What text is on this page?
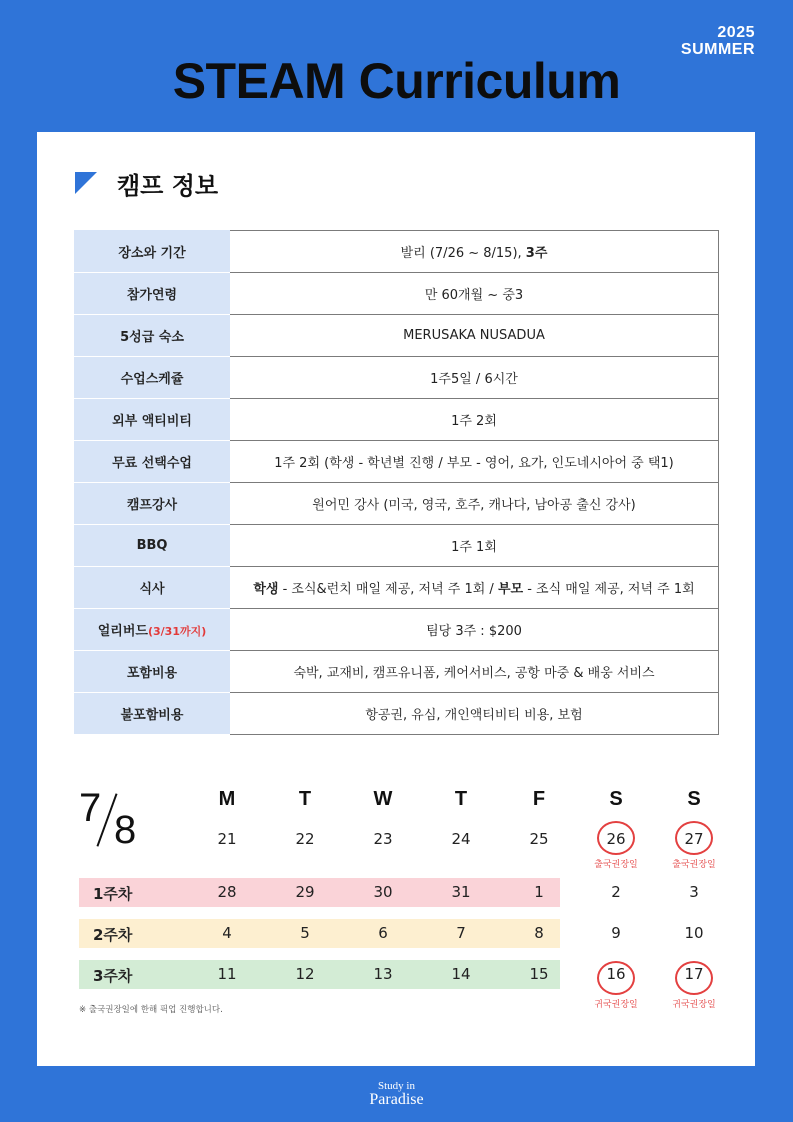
2025
SUMMER
STEAM Curriculum
캠프 정보
장소와 기간	발리 (7/26 ~ 8/15), 3주
참가연령	만 60개월 ~ 중3
5성급 숙소	MERUSAKA NUSADUA
수업스케쥴	1주5일 / 6시간
외부 액티비티	1주 2회
무료 선택수업	1주 2회 (학생 - 학년별 진행 / 부모 - 영어, 요가, 인도네시아어 중 택1)
캠프강사	원어민 강사 (미국, 영국, 호주, 캐나다, 남아공 출신 강사)
BBQ	1주 1회
식사	학생 - 조식&런치 매일 제공, 저녁 주 1회 / 부모 - 조식 매일 제공, 저녁 주 1회
얼리버드(3/31까지)	팀당 3주 : $200
포함비용	숙박, 교재비, 캠프유니폼, 케어서비스, 공항 마중 & 배웅 서비스
불포함비용	항공권, 유심, 개인액티비티 비용, 보험
7 8
※ 출국권장일에 한해 픽업 진행합니다.
M	T	W	T	F	S	S
21	22	23	24	25	26	27
1주차	28	29	30	31	1	2	3
2주차	4	5	6	7	8	9	10
3주차	11	12	13	14	15	16	17
출국권장일	출국권장일
귀국권장일	귀국권장일
Study in
Paradise
